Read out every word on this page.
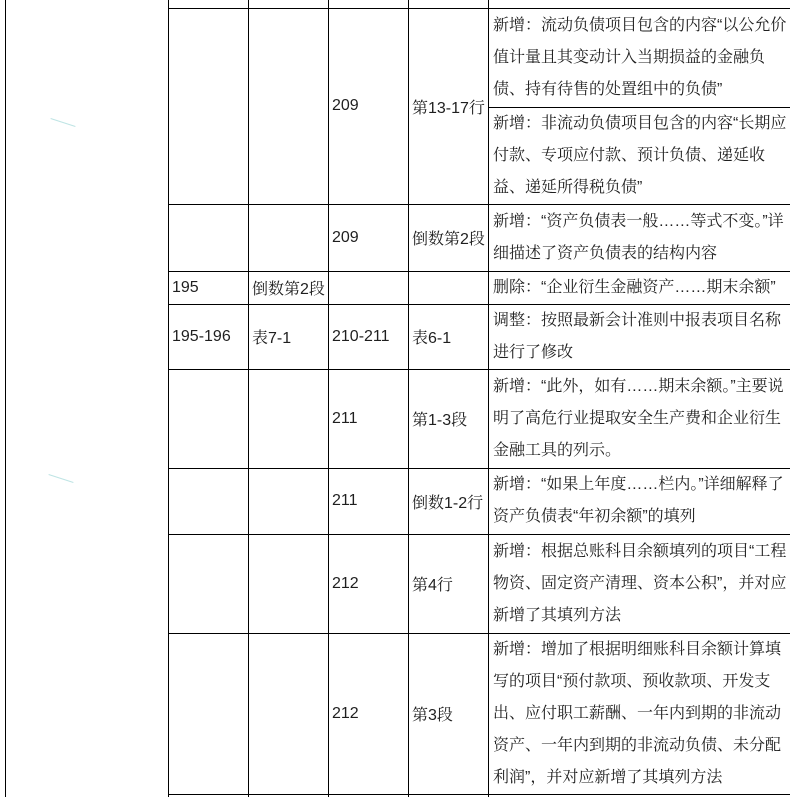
			209	第13-17行	新增：流动负债项目包含的内容“以公允价值计量且其变动计入当期损益的金融负债、持有待售的处置组中的负债”
					新增：非流动负债项目包含的内容“长期应付款、专项应付款、预计负债、递延收益、递延所得税负债”
			209	倒数第2段	新增：“资产负债表一般……等式不变。”详细描述了资产负债表的结构内容
	195	倒数第2段			删除：“企业衍生金融资产……期末余额”
	195-196	表7-1	210-211	表6-1	调整：按照最新会计准则中报表项目名称进行了修改
			211	第1-3段	新增：“此外，如有……期末余额。”主要说明了高危行业提取安全生产费和企业衍生金融工具的列示。
			211	倒数1-2行	新增：“如果上年度……栏内。”详细解释了资产负债表“年初余额”的填列
			212	第4行	新增：根据总账科目余额填列的项目“工程物资、固定资产清理、资本公积”，并对应新增了其填列方法
			212	第3段	新增：增加了根据明细账科目余额计算填写的项目“预付款项、预收款项、开发支出、应付职工薪酬、一年内到期的非流动资产、一年内到期的非流动负债、未分配利润”，并对应新增了其填列方法
